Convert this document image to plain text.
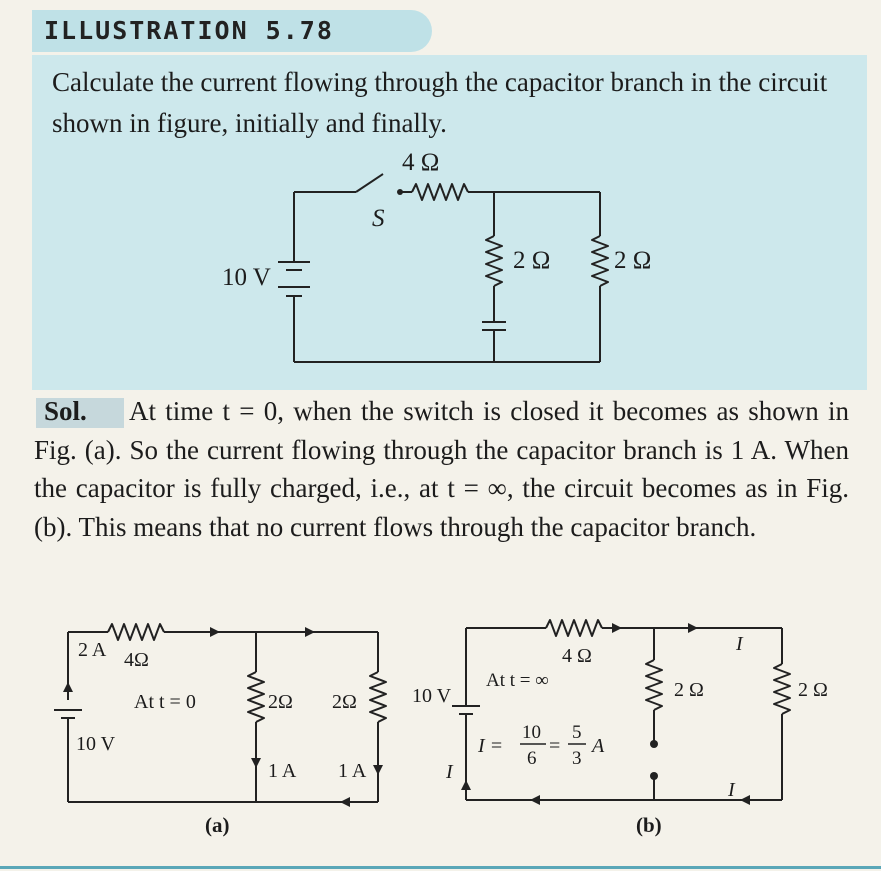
ILLUSTRATION 5.78
Calculate the current flowing through the capacitor branch in the circuit shown in figure, initially and finally.
4 Ω
S
10 V
2 Ω	2 Ω
At time t = 0, when the switch is closed it becomes as shown in Fig. (a). So the current flowing through the capacitor branch is 1 A. When the capacitor is fully charged, i.e., at t = ∞, the circuit becomes as in Fig. (b). This means that no current flows through the capacitor branch.
Sol.
2 A 4Ω
10 V
At t = 0	2Ω 2Ω
1 A 1 A
(a)
4 Ω
At t = ∞
10 V
I =
10
6
=
5
3
A
2 Ω	2 Ω
I
I
I
(b)
